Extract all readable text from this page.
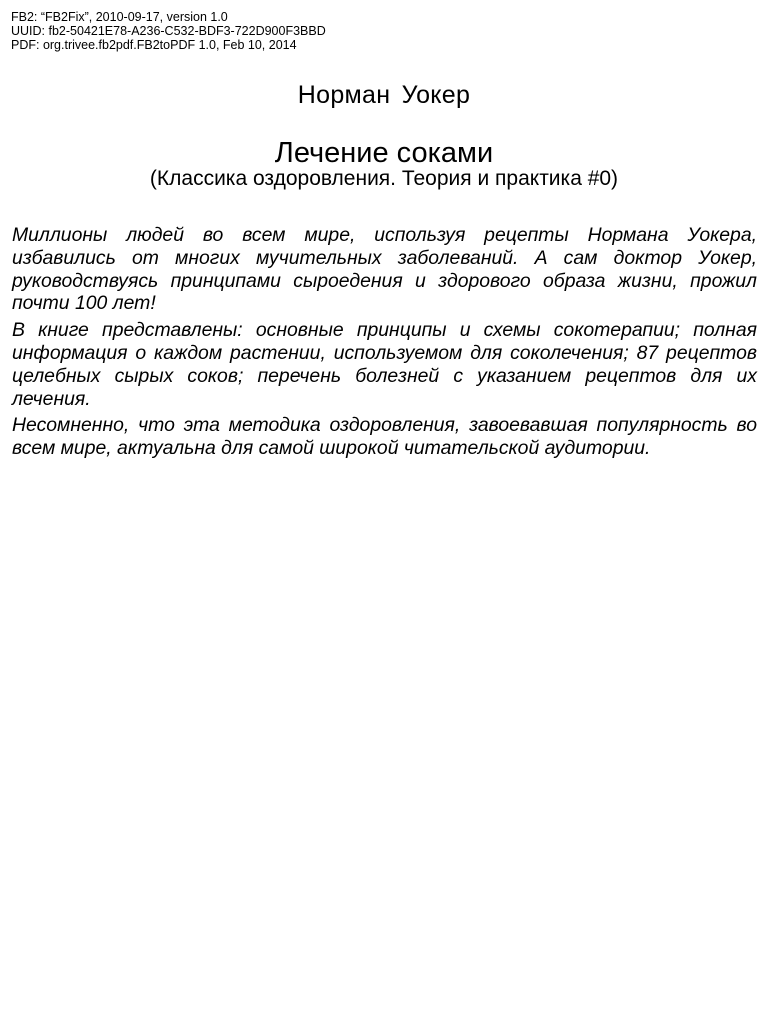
FB2: “FB2Fix”, 2010-09-17, version 1.0
UUID: fb2-50421E78-A236-C532-BDF3-722D900F3BBD
PDF: org.trivee.fb2pdf.FB2toPDF 1.0, Feb 10, 2014
Норман Уокер
Лечение соками
(Классика оздоровления. Теория и практика #0)

Миллионы людей во всем мире, используя рецепты Нормана Уокера, избавились от многих мучительных заболеваний. А сам доктор Уокер, руководствуясь принципами сыроедения и здорового образа жизни, прожил почти 100 лет!

В книге представлены: основные принципы и схемы сокотерапии; полная информация о каждом растении, используемом для соколечения; 87 рецептов целебных сырых соков; перечень болезней с указанием рецептов для их лечения.

Несомненно, что эта методика оздоровления, завоевавшая популярность во всем мире, актуальна для самой широкой читательской аудитории.
